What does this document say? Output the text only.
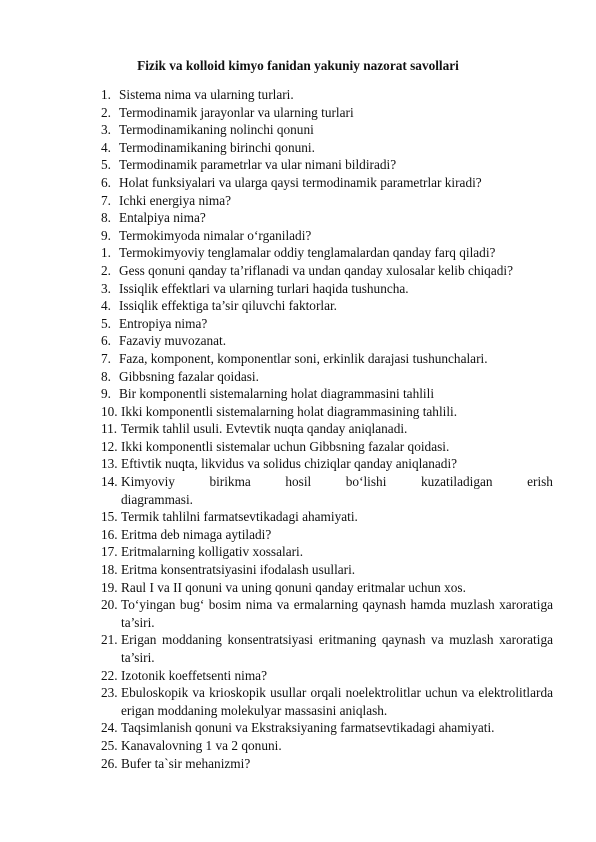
Fizik va kolloid kimyo fanidan yakuniy nazorat savollari
1. Sistema nima va ularning turlari.
2. Termodinamik jarayonlar va ularning turlari
3. Termodinamikaning nolinchi qonuni
4. Termodinamikaning birinchi qonuni.
5. Termodinamik parametrlar va ular nimani bildiradi?
6. Holat funksiyalari va ularga qaysi termodinamik parametrlar kiradi?
7. Ichki energiya nima?
8. Entalpiya nima?
9. Termokimyoda nimalar o‘rganiladi?
1. Termokimyoviy tenglamalar oddiy tenglamalardan qanday farq qiladi?
2. Gess qonuni qanday ta’riflanadi va undan qanday xulosalar kelib chiqadi?
3. Issiqlik effektlari va ularning turlari haqida tushuncha.
4. Issiqlik effektiga ta’sir qiluvchi faktorlar.
5. Entropiya nima?
6. Fazaviy muvozanat.
7. Faza, komponent, komponentlar soni, erkinlik darajasi tushunchalari.
8. Gibbsning fazalar qoidasi.
9. Bir komponentli sistemalarning holat diagrammasini tahlili
10. Ikki komponentli sistemalarning holat diagrammasining tahlili.
11. Termik tahlil usuli. Evtevtik nuqta qanday aniqlanadi.
12. Ikki komponentli sistemalar uchun Gibbsning fazalar qoidasi.
13. Eftivtik nuqta, likvidus va solidus chiziqlar qanday aniqlanadi?
14. Kimyoviy	birikma	hosil	bo‘lishi	kuzatiladigan	erish
diagrammasi.
15. Termik tahlilni farmatsevtikadagi ahamiyati.
16. Eritma deb nimaga aytiladi?
17. Eritmalarning kolligativ xossalari.
18. Eritma konsentratsiyasini ifodalash usullari.
19. Raul I va II qonuni va uning qonuni qanday eritmalar uchun xos.
20. To‘yingan bug‘ bosim nima va ermalarning qaynash hamda muzlash xaroratiga ta’siri.
21. Erigan moddaning konsentratsiyasi eritmaning qaynash va muzlash xaroratiga ta’siri.
22. Izotonik koeffetsenti nima?
23. Ebuloskopik va krioskopik usullar orqali noelektrolitlar uchun va elektrolitlarda erigan moddaning molekulyar massasini aniqlash.
24. Taqsimlanish qonuni va Ekstraksiyaning farmatsevtikadagi ahamiyati.
25. Kanavalovning 1 va 2 qonuni.
26. Bufer ta`sir mehanizmi?
